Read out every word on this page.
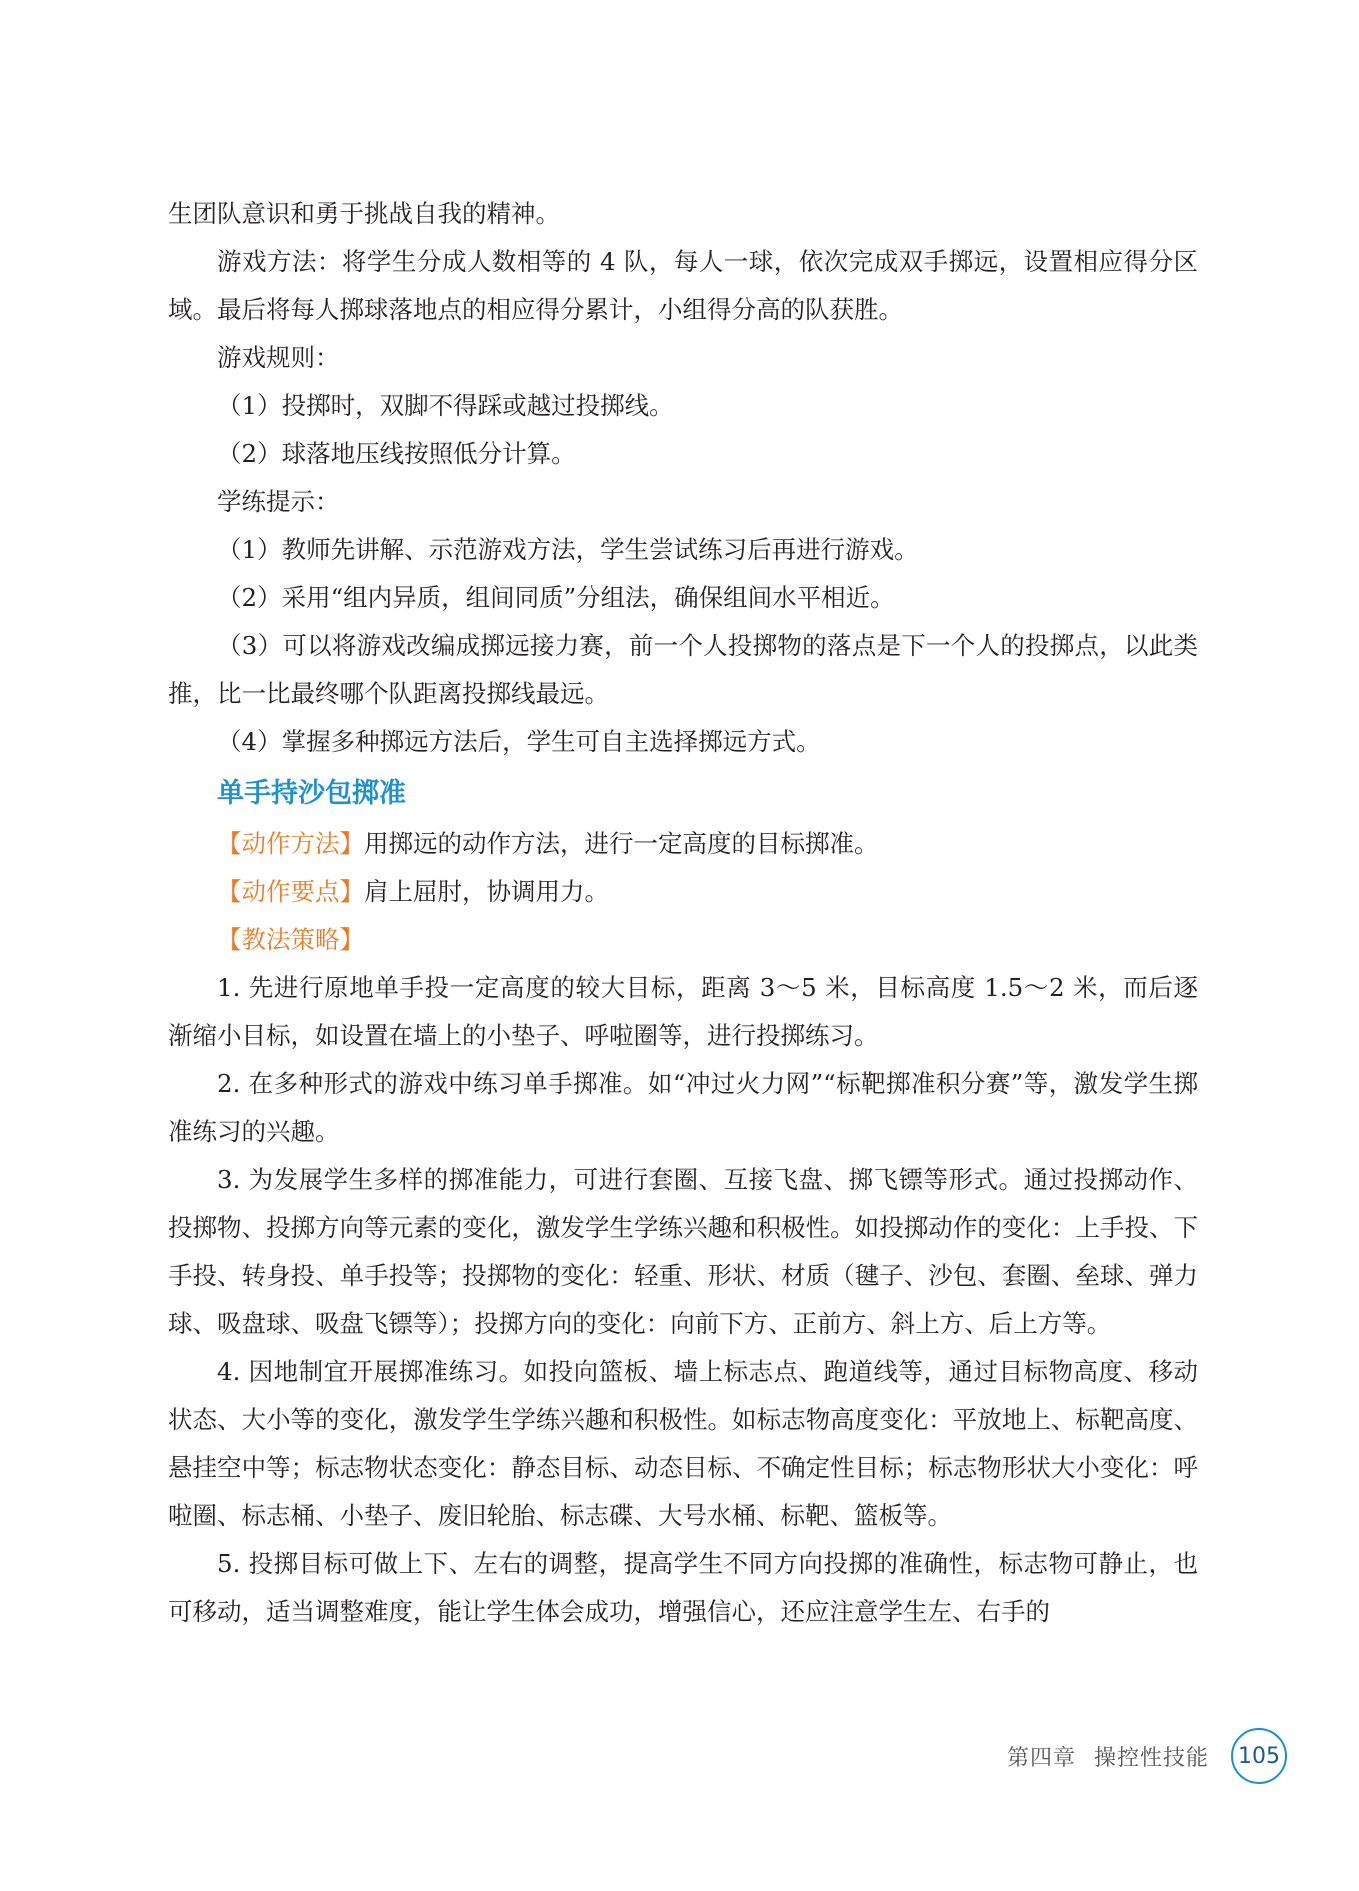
生团队意识和勇于挑战自我的精神。

游戏方法：将学生分成人数相等的 4 队，每人一球，依次完成双手掷远，设置相应得分区域。最后将每人掷球落地点的相应得分累计，小组得分高的队获胜。

游戏规则：

（1）投掷时，双脚不得踩或越过投掷线。

（2）球落地压线按照低分计算。

学练提示：

（1）教师先讲解、示范游戏方法，学生尝试练习后再进行游戏。

（2）采用“组内异质，组间同质”分组法，确保组间水平相近。

（3）可以将游戏改编成掷远接力赛，前一个人投掷物的落点是下一个人的投掷点，以此类推，比一比最终哪个队距离投掷线最远。

（4）掌握多种掷远方法后，学生可自主选择掷远方式。

单手持沙包掷准

【动作方法】用掷远的动作方法，进行一定高度的目标掷准。

【动作要点】肩上屈肘，协调用力。

【教法策略】

1. 先进行原地单手投一定高度的较大目标，距离 3～5 米，目标高度 1.5～2 米，而后逐渐缩小目标，如设置在墙上的小垫子、呼啦圈等，进行投掷练习。

2. 在多种形式的游戏中练习单手掷准。如“冲过火力网”“标靶掷准积分赛”等，激发学生掷准练习的兴趣。

3. 为发展学生多样的掷准能力，可进行套圈、互接飞盘、掷飞镖等形式。通过投掷动作、投掷物、投掷方向等元素的变化，激发学生学练兴趣和积极性。如投掷动作的变化：上手投、下手投、转身投、单手投等；投掷物的变化：轻重、形状、材质（毽子、沙包、套圈、垒球、弹力球、吸盘球、吸盘飞镖等）；投掷方向的变化：向前下方、正前方、斜上方、后上方等。

4. 因地制宜开展掷准练习。如投向篮板、墙上标志点、跑道线等，通过目标物高度、移动状态、大小等的变化，激发学生学练兴趣和积极性。如标志物高度变化：平放地上、标靶高度、悬挂空中等；标志物状态变化：静态目标、动态目标、不确定性目标；标志物形状大小变化：呼啦圈、标志桶、小垫子、废旧轮胎、标志碟、大号水桶、标靶、篮板等。

5. 投掷目标可做上下、左右的调整，提高学生不同方向投掷的准确性，标志物可静止，也可移动，适当调整难度，能让学生体会成功，增强信心，还应注意学生左、右手的

第四章 操控性技能	105
